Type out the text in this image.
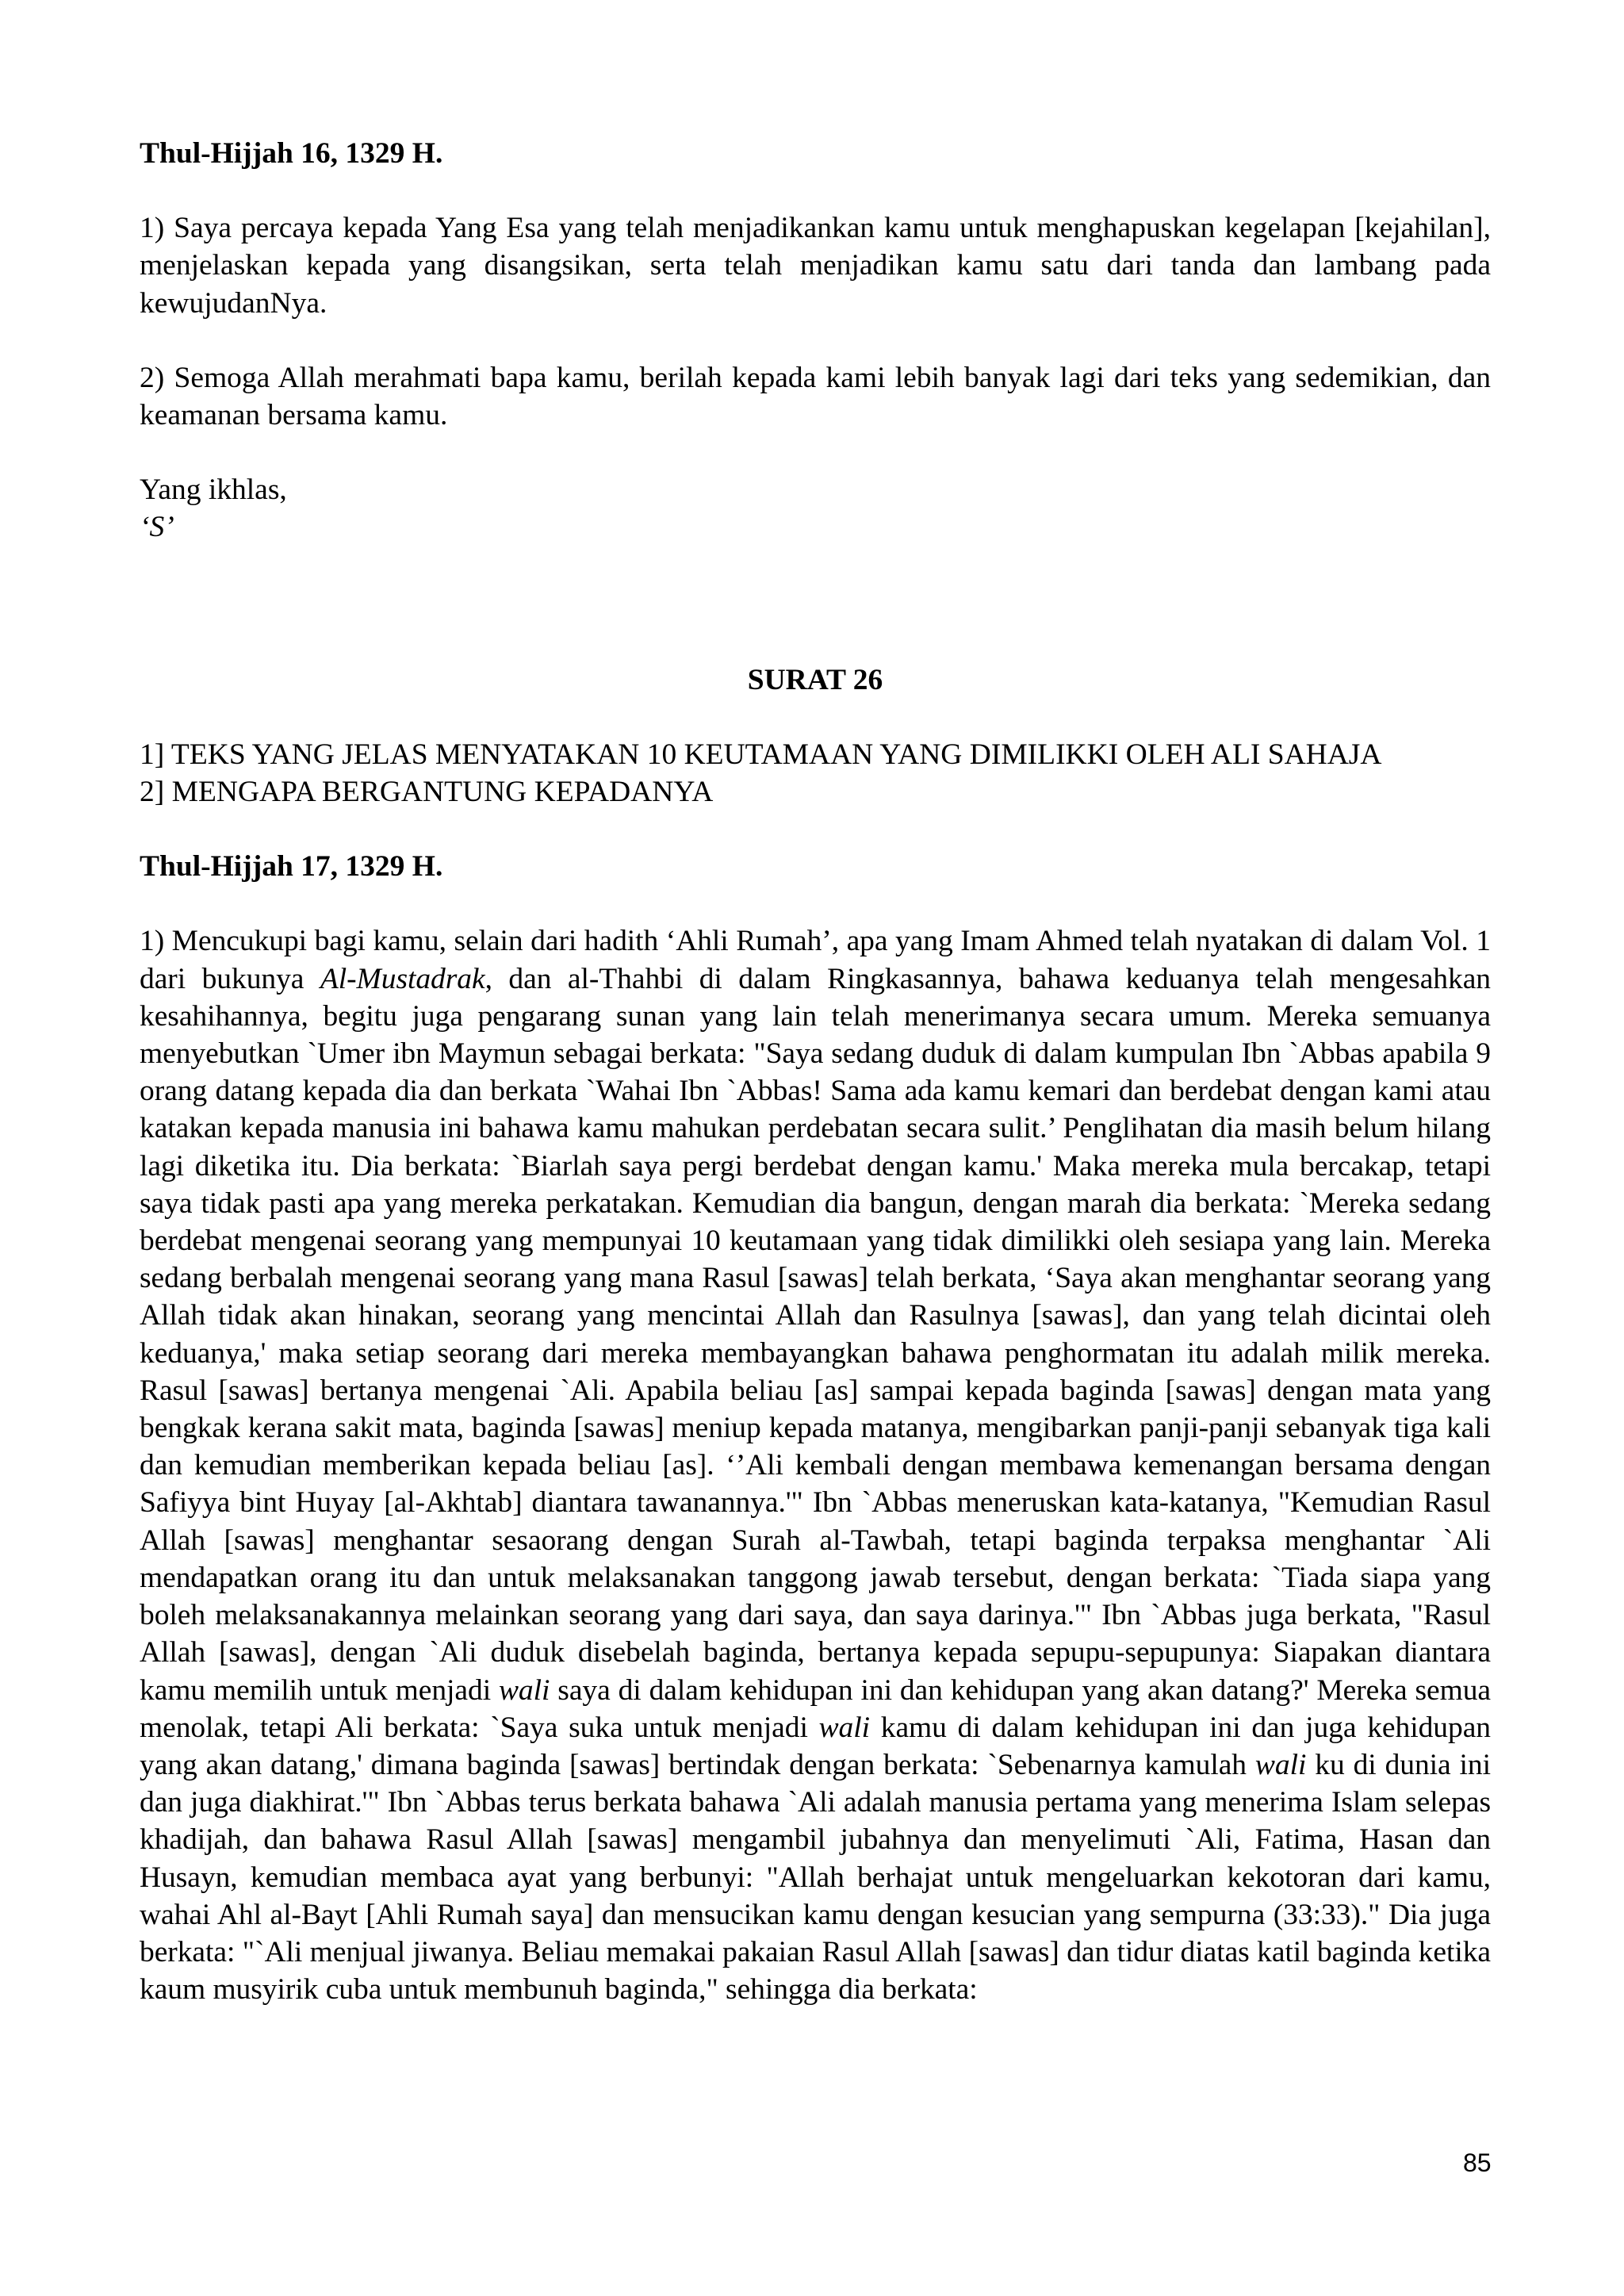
Thul-Hijjah 16, 1329 H.

1) Saya percaya kepada Yang Esa yang telah menjadikankan kamu untuk menghapuskan kegelapan [kejahilan], menjelaskan kepada yang disangsikan, serta telah menjadikan kamu satu dari tanda dan lambang pada kewujudanNya.

2) Semoga Allah merahmati bapa kamu, berilah kepada kami lebih banyak lagi dari teks yang sedemikian, dan keamanan bersama kamu.

Yang ikhlas,
‘S’

SURAT 26

1] TEKS YANG JELAS MENYATAKAN 10 KEUTAMAAN YANG DIMILIKKI OLEH ALI SAHAJA

2] MENGAPA BERGANTUNG KEPADANYA

Thul-Hijjah 17, 1329 H.

1) Mencukupi bagi kamu, selain dari hadith ‘Ahli Rumah’, apa yang Imam Ahmed telah nyatakan di dalam Vol. 1 dari bukunya Al-Mustadrak, dan al-Thahbi di dalam Ringkasannya, bahawa keduanya telah mengesahkan kesahihannya, begitu juga pengarang sunan yang lain telah menerimanya secara umum. Mereka semuanya menyebutkan `Umer ibn Maymun sebagai berkata: "Saya sedang duduk di dalam kumpulan Ibn `Abbas apabila 9 orang datang kepada dia dan berkata `Wahai Ibn `Abbas! Sama ada kamu kemari dan berdebat dengan kami atau katakan kepada manusia ini bahawa kamu mahukan perdebatan secara sulit.’ Penglihatan dia masih belum hilang lagi diketika itu. Dia berkata: `Biarlah saya pergi berdebat dengan kamu.' Maka mereka mula bercakap, tetapi saya tidak pasti apa yang mereka perkatakan. Kemudian dia bangun, dengan marah dia berkata: `Mereka sedang berdebat mengenai seorang yang mempunyai 10 keutamaan yang tidak dimilikki oleh sesiapa yang lain. Mereka sedang berbalah mengenai seorang yang mana Rasul [sawas] telah berkata, ‘Saya akan menghantar seorang yang Allah tidak akan hinakan, seorang yang mencintai Allah dan Rasulnya [sawas], dan yang telah dicintai oleh keduanya,' maka setiap seorang dari mereka membayangkan bahawa penghormatan itu adalah milik mereka. Rasul [sawas] bertanya mengenai `Ali. Apabila beliau [as] sampai kepada baginda [sawas] dengan mata yang bengkak kerana sakit mata, baginda [sawas] meniup kepada matanya, mengibarkan panji-panji sebanyak tiga kali dan kemudian memberikan kepada beliau [as]. ‘’Ali kembali dengan membawa kemenangan bersama dengan Safiyya bint Huyay [al-Akhtab] diantara tawanannya.'" Ibn `Abbas meneruskan kata-katanya, "Kemudian Rasul Allah [sawas] menghantar sesaorang dengan Surah al-Tawbah, tetapi baginda terpaksa menghantar `Ali mendapatkan orang itu dan untuk melaksanakan tanggong jawab tersebut, dengan berkata: `Tiada siapa yang boleh melaksanakannya melainkan seorang yang dari saya, dan saya darinya.'" Ibn `Abbas juga berkata, "Rasul Allah [sawas], dengan `Ali duduk disebelah baginda, bertanya kepada sepupu-sepupunya: Siapakan diantara kamu memilih untuk menjadi wali saya di dalam kehidupan ini dan kehidupan yang akan datang?' Mereka semua menolak, tetapi Ali berkata: `Saya suka untuk menjadi wali kamu di dalam kehidupan ini dan juga kehidupan yang akan datang,' dimana baginda [sawas] bertindak dengan berkata: `Sebenarnya kamulah wali ku di dunia ini dan juga diakhirat.'" Ibn `Abbas terus berkata bahawa `Ali adalah manusia pertama yang menerima Islam selepas khadijah, dan bahawa Rasul Allah [sawas] mengambil jubahnya dan menyelimuti `Ali, Fatima, Hasan dan Husayn, kemudian membaca ayat yang berbunyi: "Allah berhajat untuk mengeluarkan kekotoran dari kamu, wahai Ahl al-Bayt [Ahli Rumah saya] dan mensucikan kamu dengan kesucian yang sempurna (33:33)." Dia juga berkata: "`Ali menjual jiwanya. Beliau memakai pakaian Rasul Allah [sawas] dan tidur diatas katil baginda ketika kaum musyirik cuba untuk membunuh baginda," sehingga dia berkata:

85
